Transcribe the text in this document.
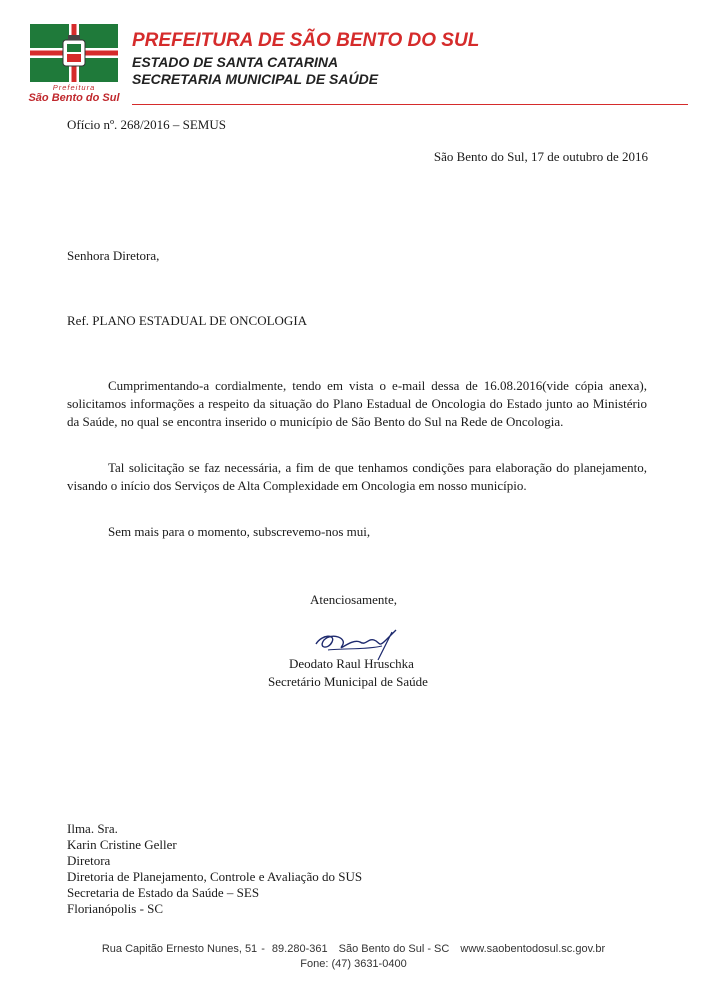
Prefeitura
São Bento do Sul
PREFEITURA DE SÃO BENTO DO SUL
ESTADO DE SANTA CATARINA
SECRETARIA MUNICIPAL DE SAÚDE
Ofício nº. 268/2016 – SEMUS
São Bento do Sul, 17 de outubro de 2016
Senhora Diretora,
Ref. PLANO ESTADUAL DE ONCOLOGIA
Cumprimentando-a cordialmente, tendo em vista o e-mail dessa de 16.08.2016(vide cópia anexa), solicitamos informações a respeito da situação do Plano Estadual de Oncologia do Estado junto ao Ministério da Saúde, no qual se encontra inserido o município de São Bento do Sul na Rede de Oncologia.
Tal solicitação se faz necessária, a fim de que tenhamos condições para elaboração do planejamento, visando o início dos Serviços de Alta Complexidade em Oncologia em nosso município.
Sem mais para o momento, subscrevemo-nos mui,
Atenciosamente,
Deodato Raul Hruschka
Secretário Municipal de Saúde
Ilma. Sra.
Karin Cristine Geller
Diretora
Diretoria de Planejamento, Controle e Avaliação do SUS
Secretaria de Estado da Saúde – SES
Florianópolis - SC
Rua Capitão Ernesto Nunes, 51 - 89.280-361 São Bento do Sul - SC www.saobentodosul.sc.gov.br
Fone: (47) 3631-0400
